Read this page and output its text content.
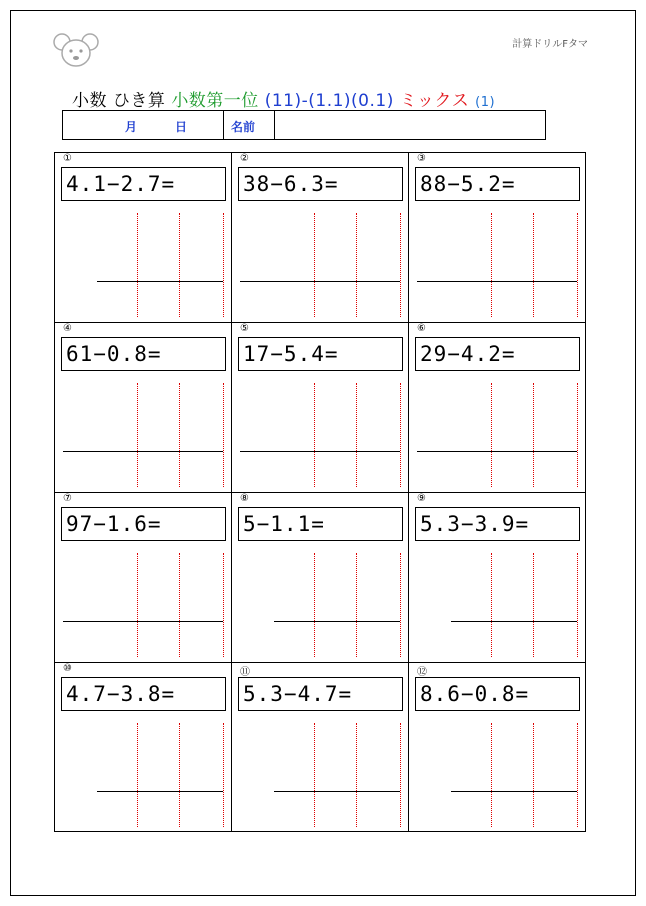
計算ドリルFタマ
小数 ひき算 小数第一位 (11)-(1.1)(0.1) ミックス (1)
月	日	名前
①
4.1−2.7=
②
38−6.3=
③
88−5.2=
④
61−0.8=
⑤
17−5.4=
⑥
29−4.2=
⑦
97−1.6=
⑧
5−1.1=
⑨
5.3−3.9=
⑩
4.7−3.8=
⑪
5.3−4.7=
⑫
8.6−0.8=
